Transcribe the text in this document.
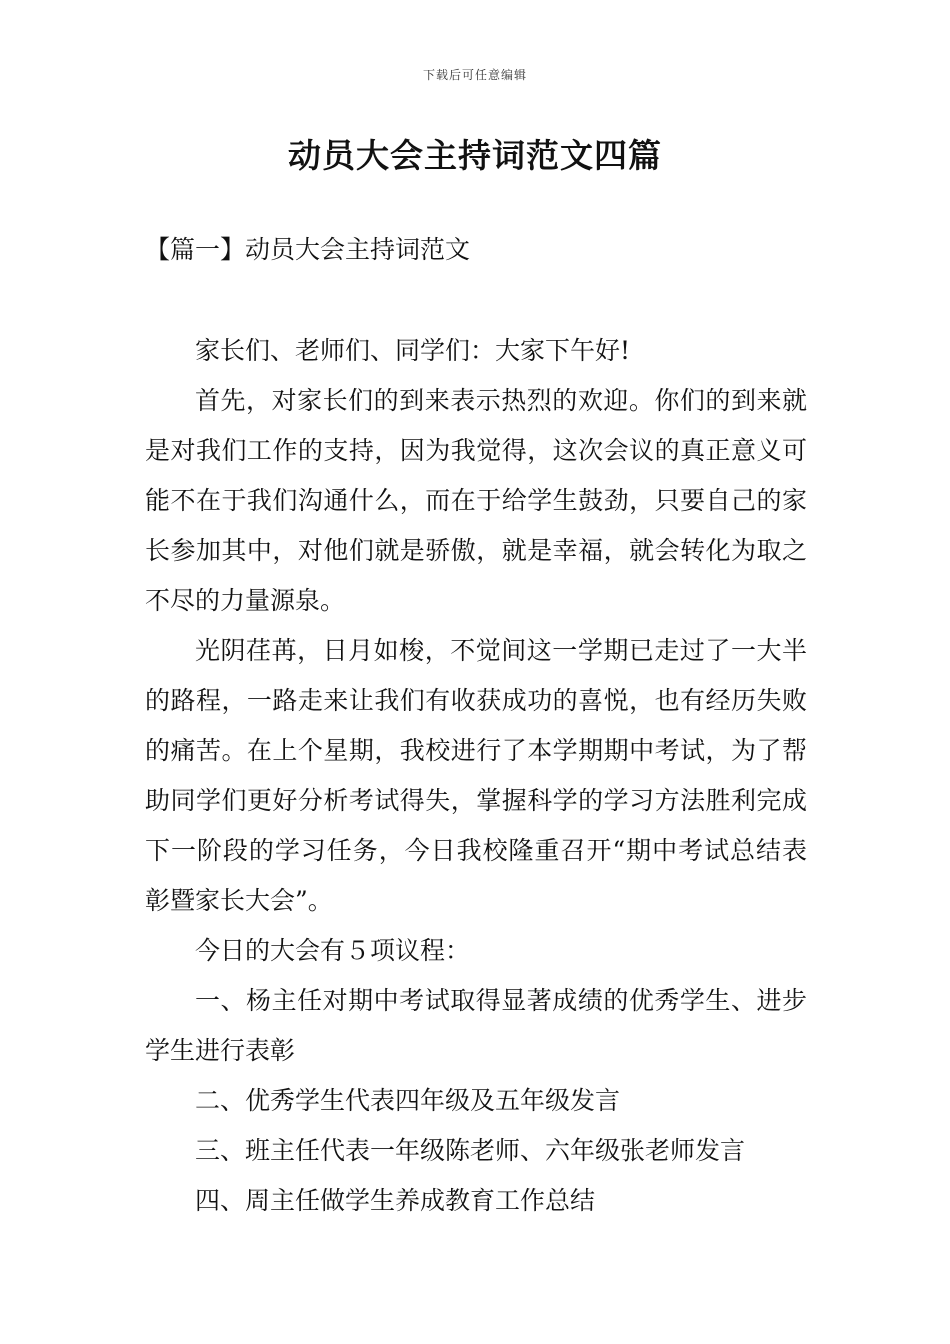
下载后可任意编辑
动员大会主持词范文四篇
【篇一】动员大会主持词范文

家长们、老师们、同学们：大家下午好!

首先，对家长们的到来表示热烈的欢迎。你们的到来就是对我们工作的支持，因为我觉得，这次会议的真正意义可能不在于我们沟通什么，而在于给学生鼓劲，只要自己的家长参加其中，对他们就是骄傲，就是幸福，就会转化为取之不尽的力量源泉。

光阴荏苒，日月如梭，不觉间这一学期已走过了一大半的路程，一路走来让我们有收获成功的喜悦，也有经历失败的痛苦。在上个星期，我校进行了本学期期中考试，为了帮助同学们更好分析考试得失，掌握科学的学习方法胜利完成下一阶段的学习任务，今日我校隆重召开“期中考试总结表彰暨家长大会”。

今日的大会有５项议程：

一、杨主任对期中考试取得显著成绩的优秀学生、进步学生进行表彰

二、优秀学生代表四年级及五年级发言

三、班主任代表一年级陈老师、六年级张老师发言

四、周主任做学生养成教育工作总结
